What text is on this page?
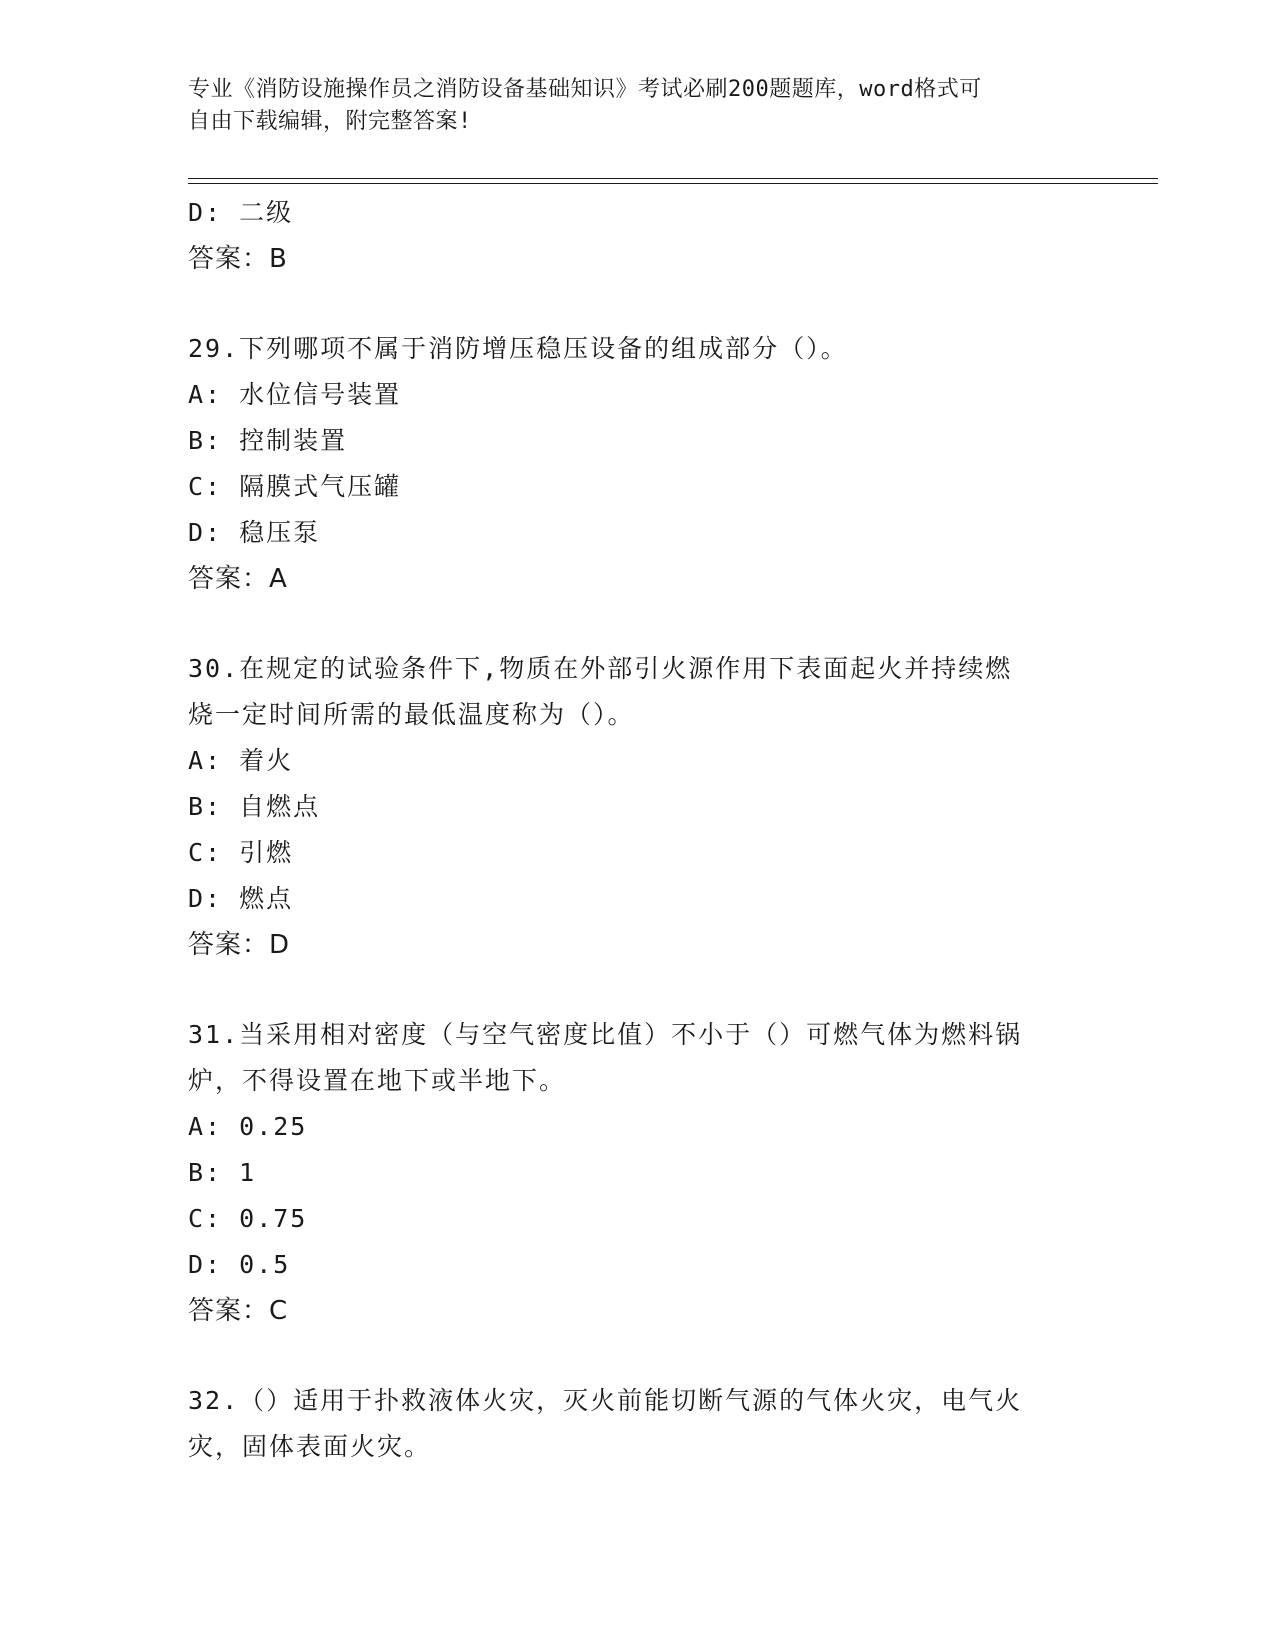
专业《消防设施操作员之消防设备基础知识》考试必刷200题题库，word格式可
自由下载编辑，附完整答案!
D: 二级
答案：B
29.下列哪项不属于消防增压稳压设备的组成部分（）。
A: 水位信号装置
B: 控制装置
C: 隔膜式气压罐
D: 稳压泵
答案：A
30.在规定的试验条件下,物质在外部引火源作用下表面起火并持续燃
烧一定时间所需的最低温度称为（）。
A: 着火
B: 自燃点
C: 引燃
D: 燃点
答案：D
31.当采用相对密度（与空气密度比值）不小于（）可燃气体为燃料锅
炉，不得设置在地下或半地下。
A: 0.25
B: 1
C: 0.75
D: 0.5
答案：C
32.（）适用于扑救液体火灾，灭火前能切断气源的气体火灾，电气火
灾，固体表面火灾。
